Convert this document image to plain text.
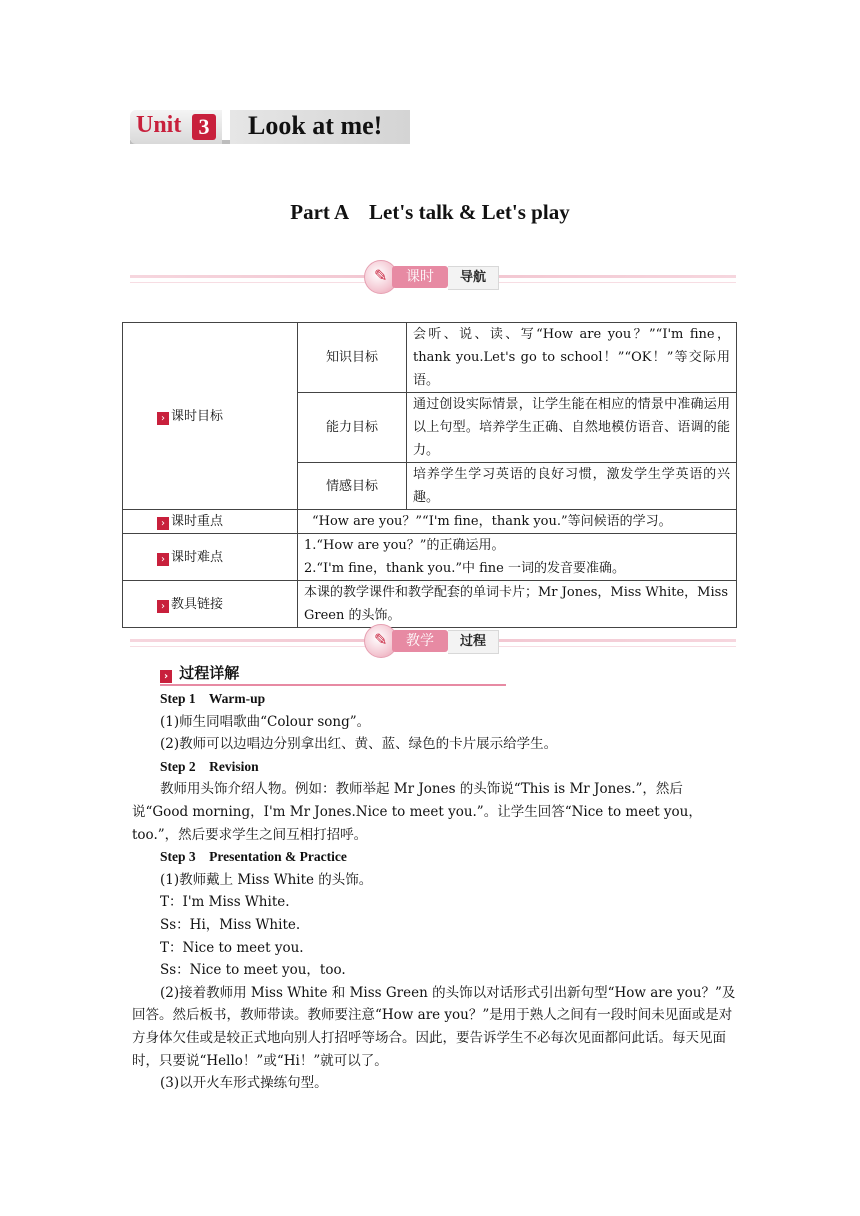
Unit 3 Look at me!
Part A    Let's talk & Let's play
✎	课时	导航
› 课时目标	知识目标	会听、说、读、写“How are you？”“I'm fine，thank you.Let's go to school！”“OK！”等交际用语。
	能力目标	通过创设实际情景，让学生能在相应的情景中准确运用以上句型。培养学生正确、自然地模仿语音、语调的能力。
	情感目标	培养学生学习英语的良好习惯，激发学生学英语的兴趣。
› 课时重点	“How are you？”“I'm fine，thank you.”等问候语的学习。	
› 课时难点	1.“How are you？”的正确运用。
2.“I'm fine，thank you.”中 fine 一词的发音要准确。	

› 教具链接	本课的教学课件和教学配套的单词卡片；Mr Jones，Miss White，Miss Green 的头饰。	
✎	教学	过程
› 过程详解

Step 1    Warm-up

(1)师生同唱歌曲“Colour song”。

(2)教师可以边唱边分别拿出红、黄、蓝、绿色的卡片展示给学生。

Step 2    Revision

教师用头饰介绍人物。例如：教师举起 Mr Jones 的头饰说“This is Mr Jones.”，然后说“Good morning，I'm Mr Jones.Nice to meet you.”。让学生回答“Nice to meet you，too.”，然后要求学生之间互相打招呼。

Step 3    Presentation & Practice

(1)教师戴上 Miss White 的头饰。

T：I'm Miss White.

Ss：Hi，Miss White.

T：Nice to meet you.

Ss：Nice to meet you，too.

(2)接着教师用 Miss White 和 Miss Green 的头饰以对话形式引出新句型“How are you？”及回答。然后板书，教师带读。教师要注意“How are you？”是用于熟人之间有一段时间未见面或是对方身体欠佳或是较正式地向别人打招呼等场合。因此，要告诉学生不必每次见面都问此话。每天见面时，只要说“Hello！”或“Hi！”就可以了。

(3)以开火车形式操练句型。
